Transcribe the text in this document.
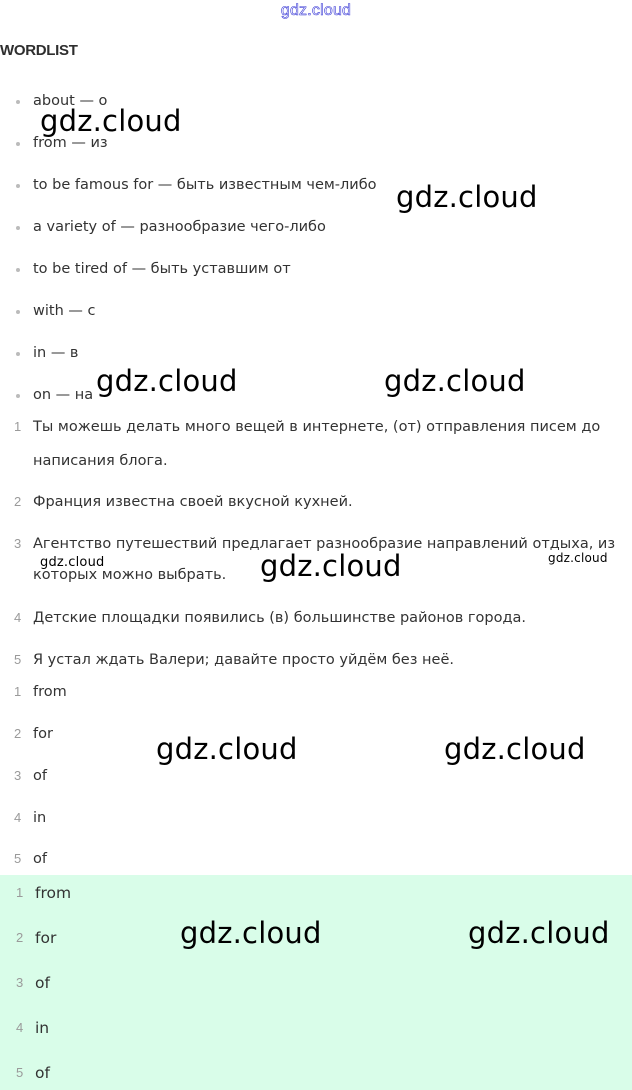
gdz.cloud
WORDLIST
about — о
from — из
to be famous for — быть известным чем-либо
a variety of — разнообразие чего-либо
to be tired of — быть уставшим от
with — с
in — в
on — на
1 Ты можешь делать много вещей в интернете, (от) отправления писем до
написания блога.
2 Франция известна своей вкусной кухней.
3 Агентство путешествий предлагает разнообразие направлений отдыха, из
которых можно выбрать.
4 Детские площадки появились (в) большинстве районов города.
5 Я устал ждать Валери; давайте просто уйдём без неё.
1 from
2 for
3 of
4 in
5 of
1 from
2 for
3 of
4 in
5 of
gdz.cloud
gdz.cloud
gdz.cloud	gdz.cloud
gdz.cloud	gdz.cloud	gdz.cloud
gdz.cloud	gdz.cloud
gdz.cloud	gdz.cloud
